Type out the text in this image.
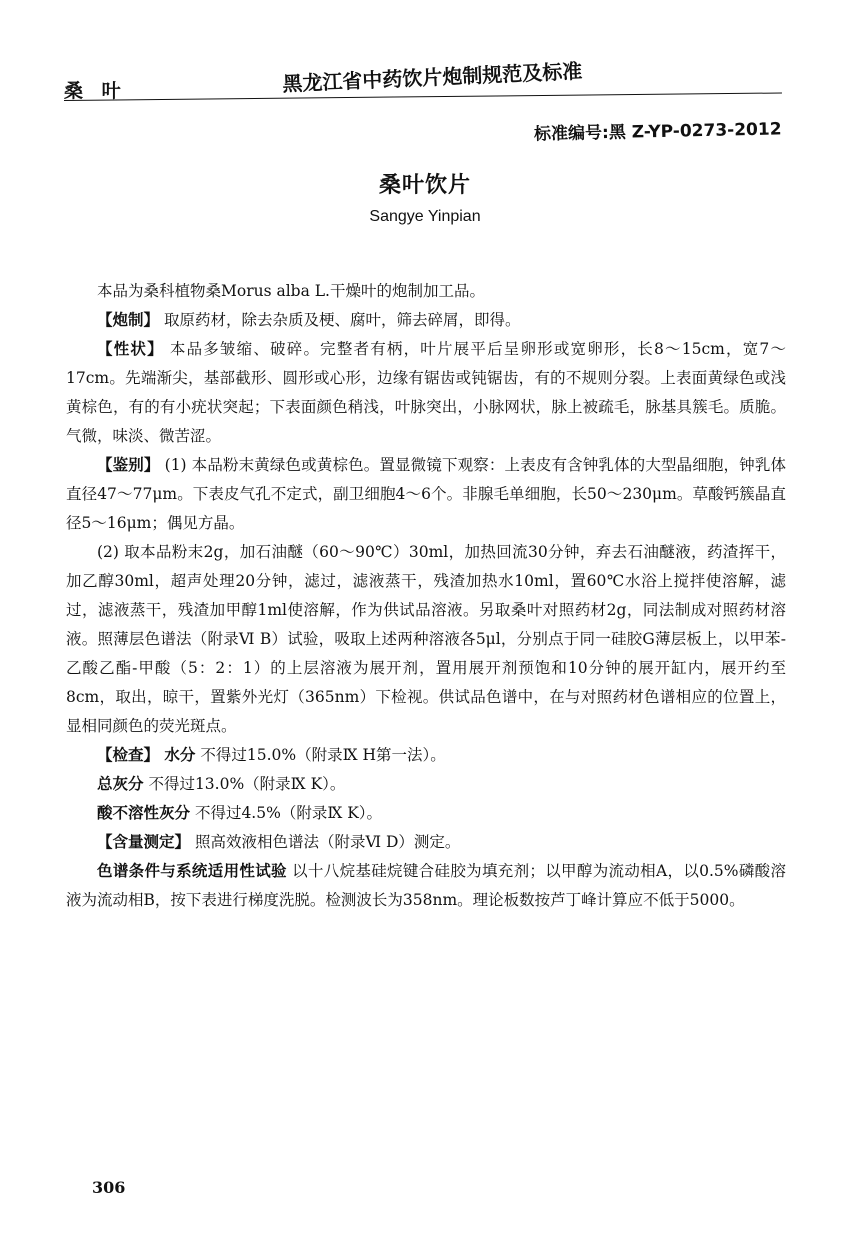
桑 叶	黑龙江省中药饮片炮制规范及标准
标准编号:黑 Z-YP-0273-2012
桑叶饮片
Sangye Yinpian

本品为桑科植物桑Morus alba L.干燥叶的炮制加工品。

【炮制】 取原药材，除去杂质及梗、腐叶，筛去碎屑，即得。

【性状】 本品多皱缩、破碎。完整者有柄，叶片展平后呈卵形或宽卵形，长8～15cm，宽7～17cm。先端渐尖，基部截形、圆形或心形，边缘有锯齿或钝锯齿，有的不规则分裂。上表面黄绿色或浅黄棕色，有的有小疣状突起；下表面颜色稍浅，叶脉突出，小脉网状，脉上被疏毛，脉基具簇毛。质脆。气微，味淡、微苦涩。

【鉴别】 (1) 本品粉末黄绿色或黄棕色。置显微镜下观察：上表皮有含钟乳体的大型晶细胞，钟乳体直径47～77μm。下表皮气孔不定式，副卫细胞4～6个。非腺毛单细胞，长50～230μm。草酸钙簇晶直径5～16μm；偶见方晶。

(2) 取本品粉末2g，加石油醚（60～90℃）30ml，加热回流30分钟，弃去石油醚液，药渣挥干，加乙醇30ml，超声处理20分钟，滤过，滤液蒸干，残渣加热水10ml，置60℃水浴上搅拌使溶解，滤过，滤液蒸干，残渣加甲醇1ml使溶解，作为供试品溶液。另取桑叶对照药材2g，同法制成对照药材溶液。照薄层色谱法（附录Ⅵ B）试验，吸取上述两种溶液各5μl，分别点于同一硅胶G薄层板上，以甲苯-乙酸乙酯-甲酸（5：2：1）的上层溶液为展开剂，置用展开剂预饱和10分钟的展开缸内，展开约至8cm，取出，晾干，置紫外光灯（365nm）下检视。供试品色谱中，在与对照药材色谱相应的位置上，显相同颜色的荧光斑点。

【检查】 水分 不得过15.0%（附录Ⅸ H第一法）。

总灰分 不得过13.0%（附录Ⅸ K）。

酸不溶性灰分 不得过4.5%（附录Ⅸ K）。

【含量测定】 照高效液相色谱法（附录Ⅵ D）测定。

色谱条件与系统适用性试验 以十八烷基硅烷键合硅胶为填充剂；以甲醇为流动相A，以0.5%磷酸溶液为流动相B，按下表进行梯度洗脱。检测波长为358nm。理论板数按芦丁峰计算应不低于5000。

306
